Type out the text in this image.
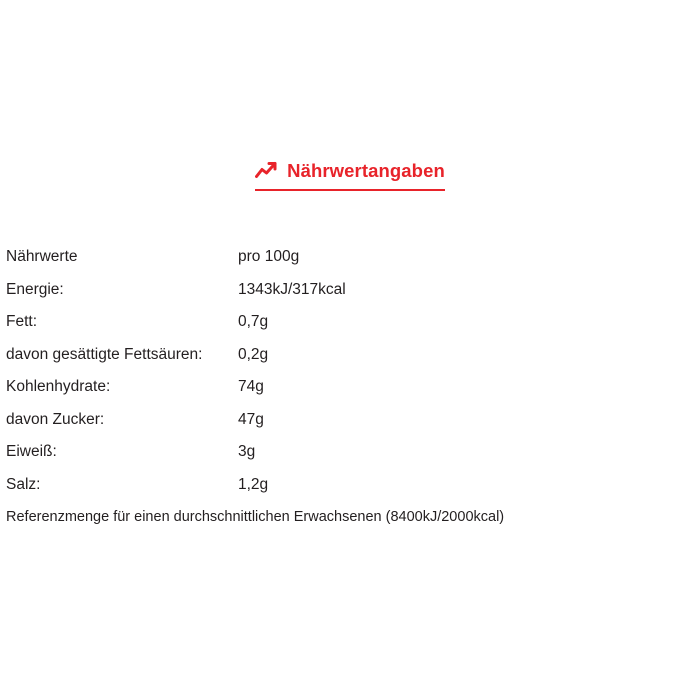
Nährwertangaben
Nährwerte	pro 100g
Energie:	1343kJ/317kcal
Fett:	0,7g
davon gesättigte Fettsäuren:	0,2g
Kohlenhydrate:	74g
davon Zucker:	47g
Eiweiß:	3g
Salz:	1,2g
Referenzmenge für einen durchschnittlichen Erwachsenen (8400kJ/2000kcal)
